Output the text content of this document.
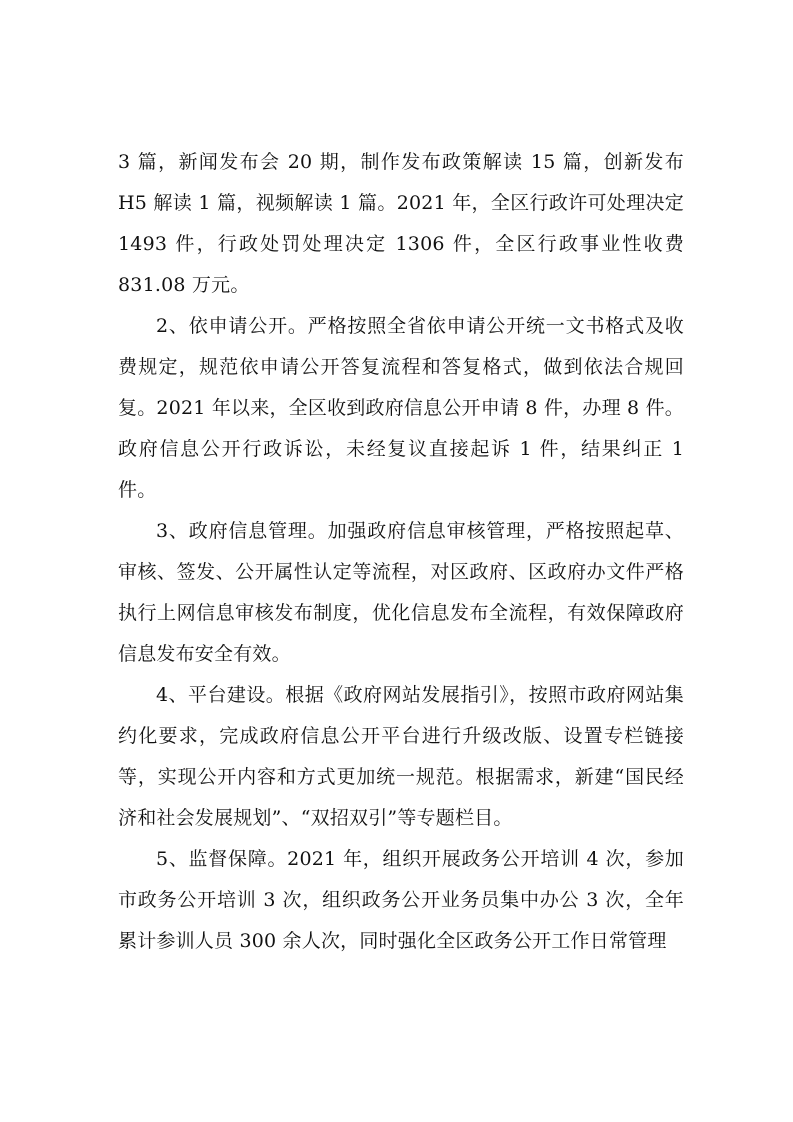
3 篇，新闻发布会 20 期，制作发布政策解读 15 篇，创新发布 H5 解读 1 篇，视频解读 1 篇。2021 年，全区行政许可处理决定 1493 件，行政处罚处理决定 1306 件，全区行政事业性收费 831.08 万元。

2、依申请公开。严格按照全省依申请公开统一文书格式及收费规定，规范依申请公开答复流程和答复格式，做到依法合规回复。2021 年以来，全区收到政府信息公开申请 8 件，办理 8 件。政府信息公开行政诉讼，未经复议直接起诉 1 件，结果纠正 1 件。

3、政府信息管理。加强政府信息审核管理，严格按照起草、审核、签发、公开属性认定等流程，对区政府、区政府办文件严格执行上网信息审核发布制度，优化信息发布全流程，有效保障政府信息发布安全有效。

4、平台建设。根据《政府网站发展指引》，按照市政府网站集约化要求，完成政府信息公开平台进行升级改版、设置专栏链接等，实现公开内容和方式更加统一规范。根据需求，新建“国民经济和社会发展规划”、“双招双引”等专题栏目。

5、监督保障。2021 年，组织开展政务公开培训 4 次，参加市政务公开培训 3 次，组织政务公开业务员集中办公 3 次，全年累计参训人员 300 余人次，同时强化全区政务公开工作日常管理
